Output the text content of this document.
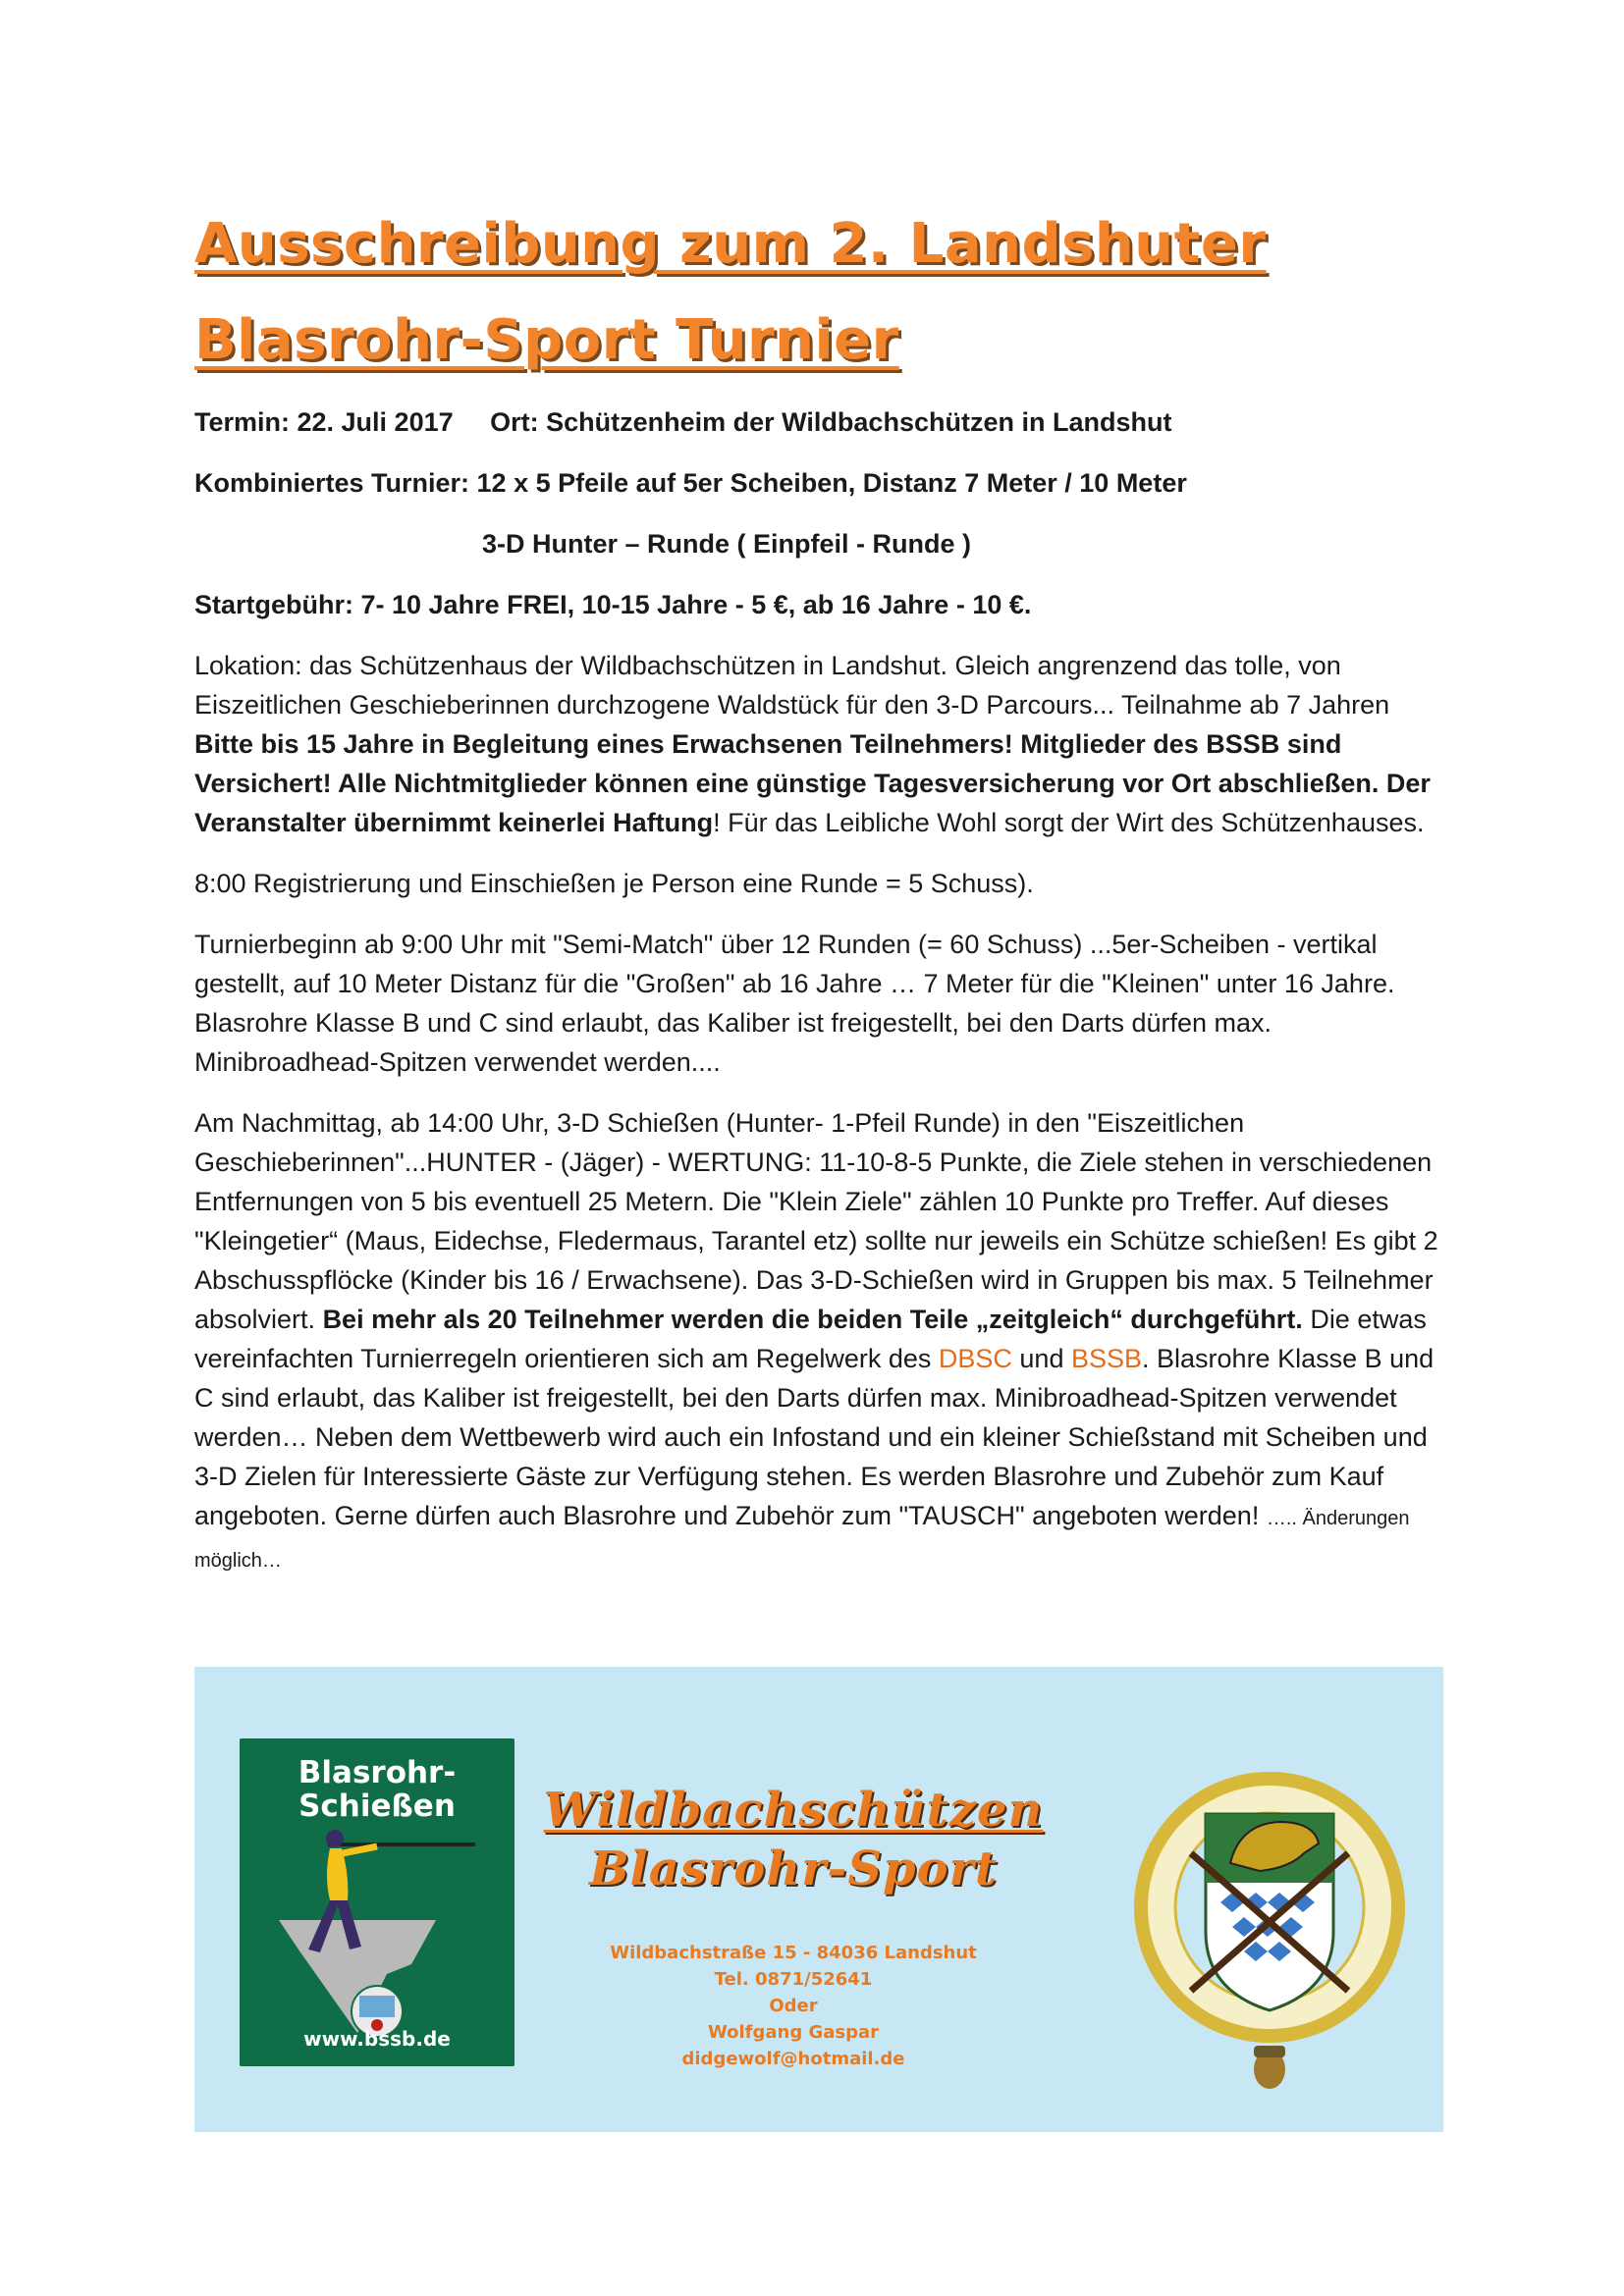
Ausschreibung zum 2. Landshuter
Blasrohr-Sport Turnier

Termin: 22. Juli 2017 Ort: Schützenheim der Wildbachschützen in Landshut

Kombiniertes Turnier: 12 x 5 Pfeile auf 5er Scheiben, Distanz 7 Meter / 10 Meter

3-D Hunter – Runde ( Einpfeil - Runde )

Startgebühr: 7- 10 Jahre FREI, 10-15 Jahre - 5 €, ab 16 Jahre - 10 €.

Lokation: das Schützenhaus der Wildbachschützen in Landshut. Gleich angrenzend das tolle, von Eiszeitlichen Geschieberinnen durchzogene Waldstück für den 3-D Parcours... Teilnahme ab 7 Jahren Bitte bis 15 Jahre in Begleitung eines Erwachsenen Teilnehmers! Mitglieder des BSSB sind Versichert! Alle Nichtmitglieder können eine günstige Tagesversicherung vor Ort abschließen. Der Veranstalter übernimmt keinerlei Haftung! Für das Leibliche Wohl sorgt der Wirt des Schützenhauses.

8:00 Registrierung und Einschießen je Person eine Runde = 5 Schuss).

Turnierbeginn ab 9:00 Uhr mit "Semi-Match" über 12 Runden (= 60 Schuss) ...5er-Scheiben - vertikal gestellt, auf 10 Meter Distanz für die "Großen" ab 16 Jahre … 7 Meter für die "Kleinen" unter 16 Jahre. Blasrohre Klasse B und C sind erlaubt, das Kaliber ist freigestellt, bei den Darts dürfen max. Minibroadhead-Spitzen verwendet werden....

Am Nachmittag, ab 14:00 Uhr, 3-D Schießen (Hunter- 1-Pfeil Runde) in den "Eiszeitlichen Geschieberinnen"...HUNTER - (Jäger) - WERTUNG: 11-10-8-5 Punkte, die Ziele stehen in verschiedenen Entfernungen von 5 bis eventuell 25 Metern. Die "Klein Ziele" zählen 10 Punkte pro Treffer. Auf dieses "Kleingetier“ (Maus, Eidechse, Fledermaus, Tarantel etz) sollte nur jeweils ein Schütze schießen! Es gibt 2 Abschusspflöcke (Kinder bis 16 / Erwachsene). Das 3-D-Schießen wird in Gruppen bis max. 5 Teilnehmer absolviert. Bei mehr als 20 Teilnehmer werden die beiden Teile „zeitgleich“ durchgeführt. Die etwas vereinfachten Turnierregeln orientieren sich am Regelwerk des DBSC und BSSB. Blasrohre Klasse B und C sind erlaubt, das Kaliber ist freigestellt, bei den Darts dürfen max. Minibroadhead-Spitzen verwendet werden… Neben dem Wettbewerb wird auch ein Infostand und ein kleiner Schießstand mit Scheiben und 3-D Zielen für Interessierte Gäste zur Verfügung stehen. Es werden Blasrohre und Zubehör zum Kauf angeboten. Gerne dürfen auch Blasrohre und Zubehör zum "TAUSCH" angeboten werden! ….. Änderungen möglich…

Blasrohr-
Schießen
www.bssb.de
Wildbachschützen
Blasrohr-Sport
Wildbachstraße 15 - 84036 Landshut
Tel. 0871/52641
Oder
Wolfgang Gaspar
didgewolf@hotmail.de
